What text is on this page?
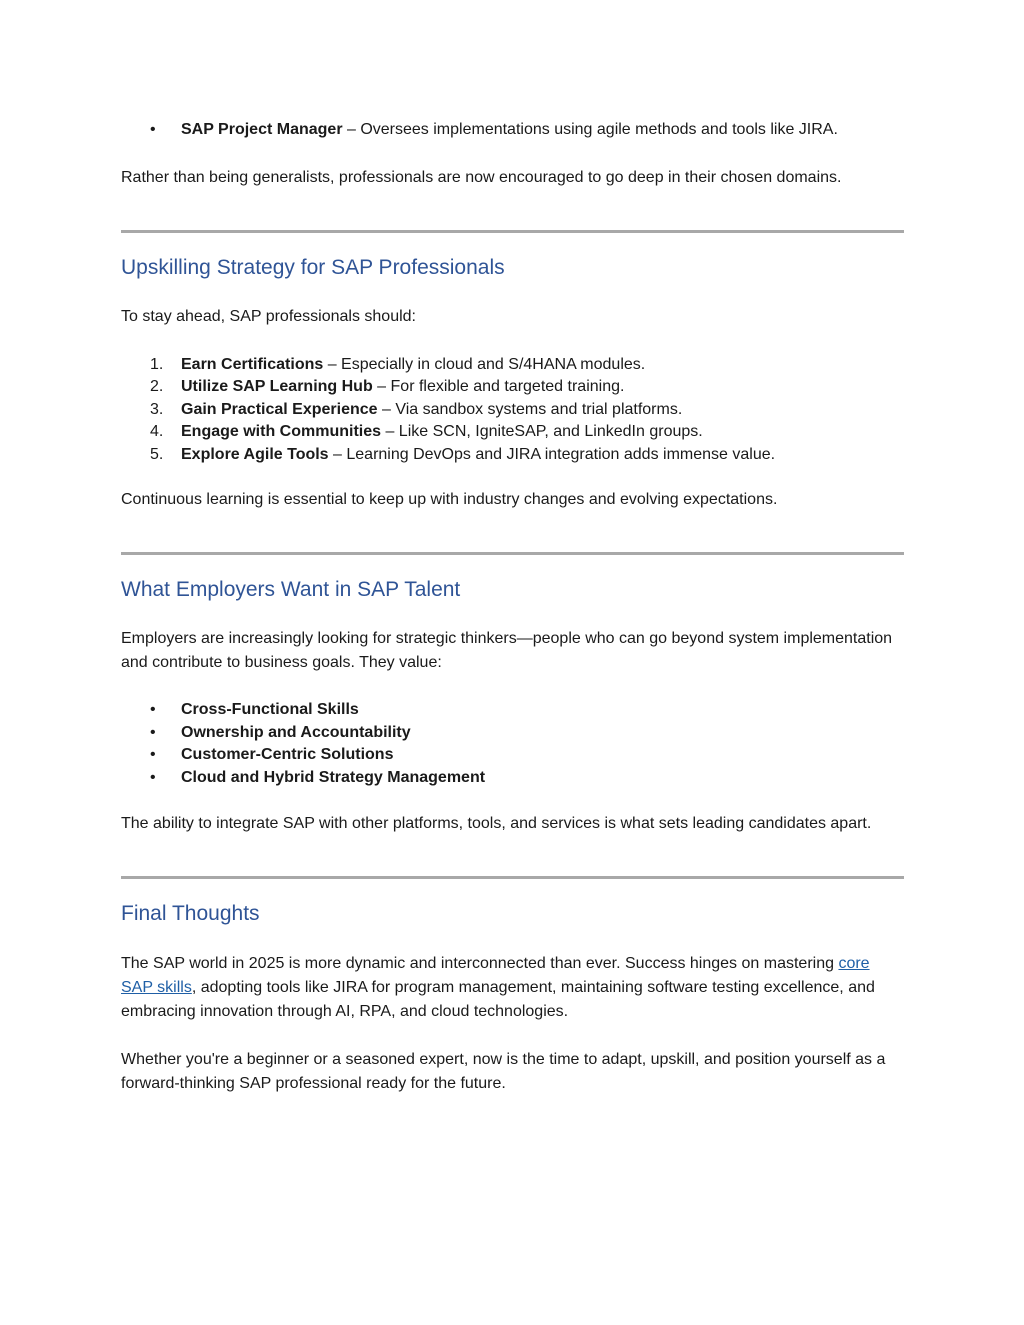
• SAP Project Manager – Oversees implementations using agile methods and tools like JIRA.

Rather than being generalists, professionals are now encouraged to go deep in their chosen domains.

Upskilling Strategy for SAP Professionals

To stay ahead, SAP professionals should:

1. Earn Certifications – Especially in cloud and S/4HANA modules.
2. Utilize SAP Learning Hub – For flexible and targeted training.
3. Gain Practical Experience – Via sandbox systems and trial platforms.
4. Engage with Communities – Like SCN, IgniteSAP, and LinkedIn groups.
5. Explore Agile Tools – Learning DevOps and JIRA integration adds immense value.

Continuous learning is essential to keep up with industry changes and evolving expectations.

What Employers Want in SAP Talent

Employers are increasingly looking for strategic thinkers—people who can go beyond system implementation and contribute to business goals. They value:

• Cross-Functional Skills
• Ownership and Accountability
• Customer-Centric Solutions
• Cloud and Hybrid Strategy Management

The ability to integrate SAP with other platforms, tools, and services is what sets leading candidates apart.

Final Thoughts

The SAP world in 2025 is more dynamic and interconnected than ever. Success hinges on mastering core SAP skills, adopting tools like JIRA for program management, maintaining software testing excellence, and embracing innovation through AI, RPA, and cloud technologies.

Whether you're a beginner or a seasoned expert, now is the time to adapt, upskill, and position yourself as a forward-thinking SAP professional ready for the future.
